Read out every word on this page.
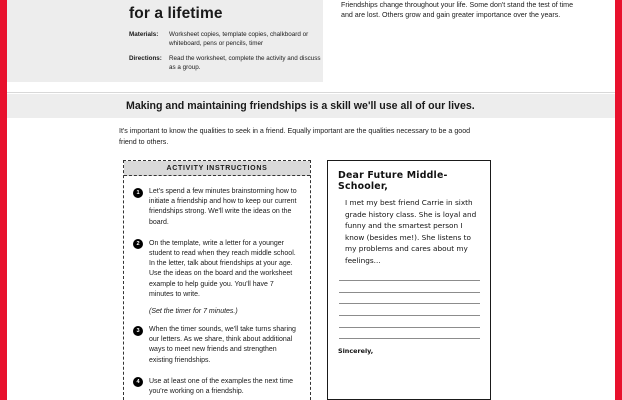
for a lifetime
Materials:	Worksheet copies, template copies, chalkboard or whiteboard, pens or pencils, timer
Directions:	Read the worksheet, complete the activity and discuss as a group.
Friendships change throughout your life. Some don't stand the test of time and are lost. Others grow and gain greater importance over the years.
Making and maintaining friendships is a skill we'll use all of our lives.
It's important to know the qualities to seek in a friend. Equally important are the qualities necessary to be a good friend to others.
ACTIVITY INSTRUCTIONS
1	Let's spend a few minutes brainstorming how to initiate a friendship and how to keep our current friendships strong. We'll write the ideas on the board.
2	On the template, write a letter for a younger student to read when they reach middle school. In the letter, talk about friendships at your age. Use the ideas on the board and the worksheet example to help guide you. You'll have 7 minutes to write.
(Set the timer for 7 minutes.)
3	When the timer sounds, we'll take turns sharing our letters. As we share, think about additional ways to meet new friends and strengthen existing friendships.
4	Use at least one of the examples the next time you're working on a friendship.
Dear Future Middle-Schooler,
I met my best friend Carrie in sixth grade history class. She is loyal and funny and the smartest person I know (besides me!). She listens to my problems and cares about my feelings...
Sincerely,
